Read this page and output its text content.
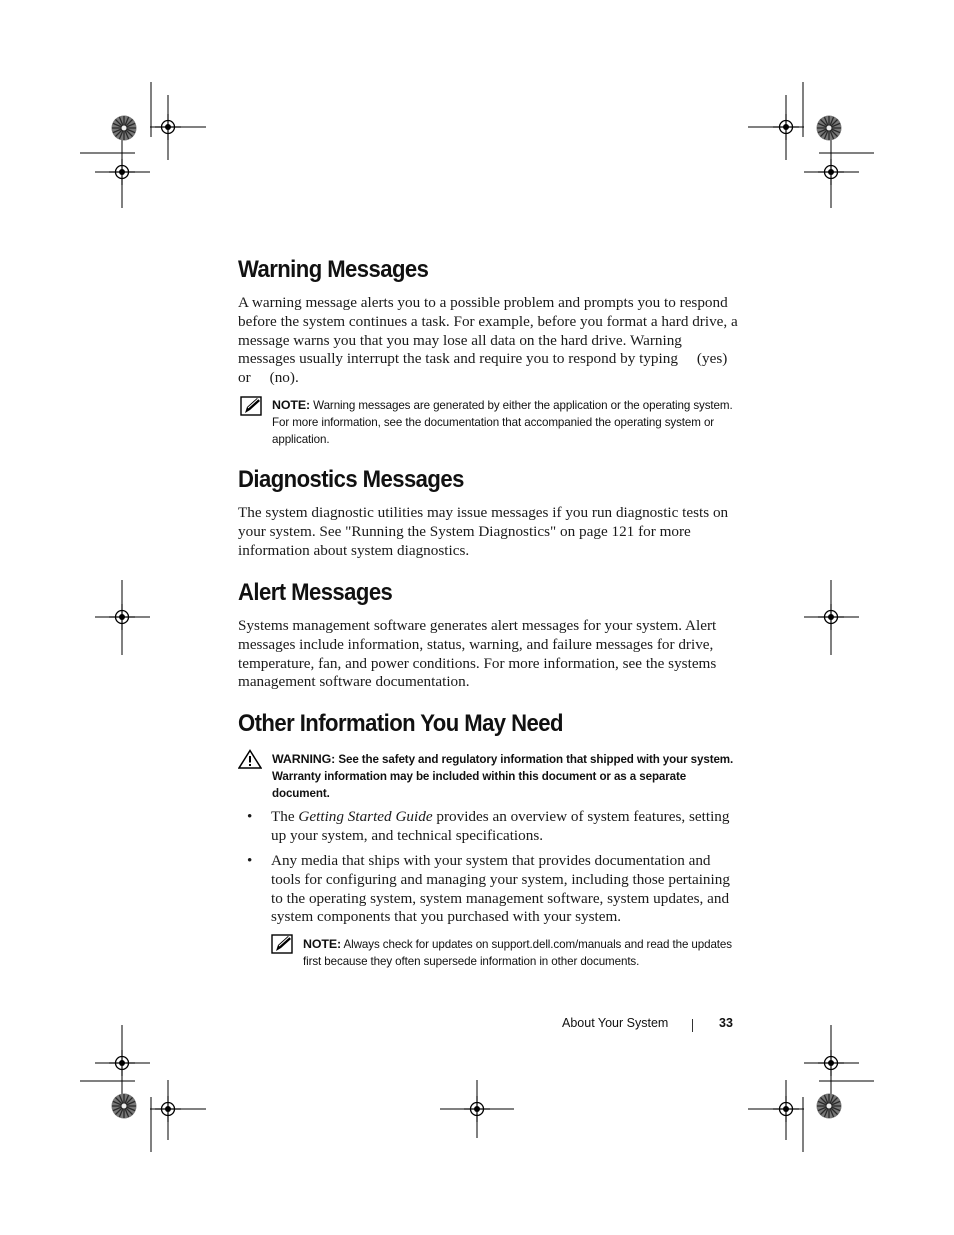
Warning Messages

A warning message alerts you to a possible problem and prompts you to respond before the system continues a task. For example, before you format a hard drive, a message warns you that you may lose all data on the hard drive. Warning messages usually interrupt the task and require you to respond by typing (yes) or (no).

NOTE: Warning messages are generated by either the application or the operating system. For more information, see the documentation that accompanied the operating system or application.
Diagnostics Messages

The system diagnostic utilities may issue messages if you run diagnostic tests on your system. See "Running the System Diagnostics" on page 121 for more information about system diagnostics.

Alert Messages

Systems management software generates alert messages for your system. Alert messages include information, status, warning, and failure messages for drive, temperature, fan, and power conditions. For more information, see the systems management software documentation.

Other Information You May Need
WARNING: See the safety and regulatory information that shipped with your system. Warranty information may be included within this document or as a separate document.
• The Getting Started Guide provides an overview of system features, setting up your system, and technical specifications.

• Any media that ships with your system that provides documentation and tools for configuring and managing your system, including those pertaining to the operating system, system management software, system updates, and system components that you purchased with your system.

NOTE: Always check for updates on support.dell.com/manuals and read the updates first because they often supersede information in other documents.
About Your System	33
